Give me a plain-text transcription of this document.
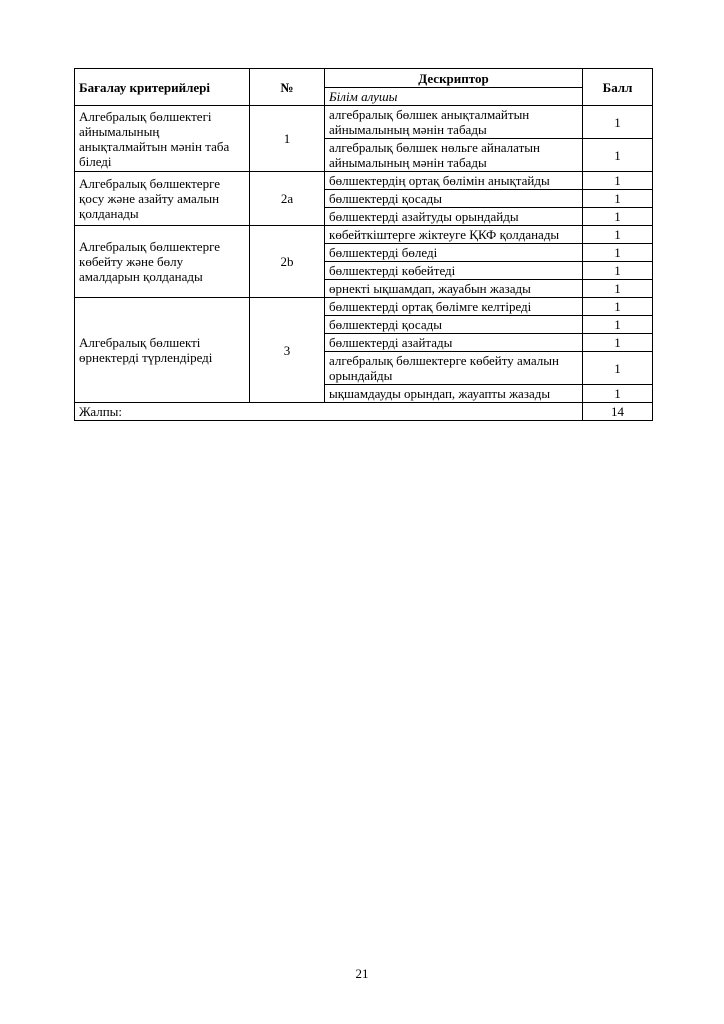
Бағалау критерийлері	№	Дескриптор	Балл
		Білім алушы	
Алгебралық бөлшектегі айнымалының анықталмайтын мәнін таба біледі	1	алгебралық бөлшек анықталмайтын айнымалының мәнін табады	1
		алгебралық бөлшек нөльге айналатын айнымалының мәнін табады	1
Алгебралық бөлшектерге қосу және азайту амалын қолданады	2a	бөлшектердің ортақ бөлімін анықтайды	1
		бөлшектерді қосады	1
		бөлшектерді азайтуды орындайды	1
Алгебралық бөлшектерге көбейту және бөлу амалдарын қолданады	2b	көбейткіштерге жіктеуге ҚКФ қолданады	1
		бөлшектерді бөледі	1
		бөлшектерді көбейтеді	1
		өрнекті ықшамдап, жауабын жазады	1
Алгебралық бөлшекті өрнектерді түрлендіреді	3	бөлшектерді ортақ бөлімге келтіреді	1
		бөлшектерді қосады	1
		бөлшектерді азайтады	1
		алгебралық бөлшектерге көбейту амалын орындайды	1
		ықшамдауды орындап, жауапты жазады	1
Жалпы:			14
21
